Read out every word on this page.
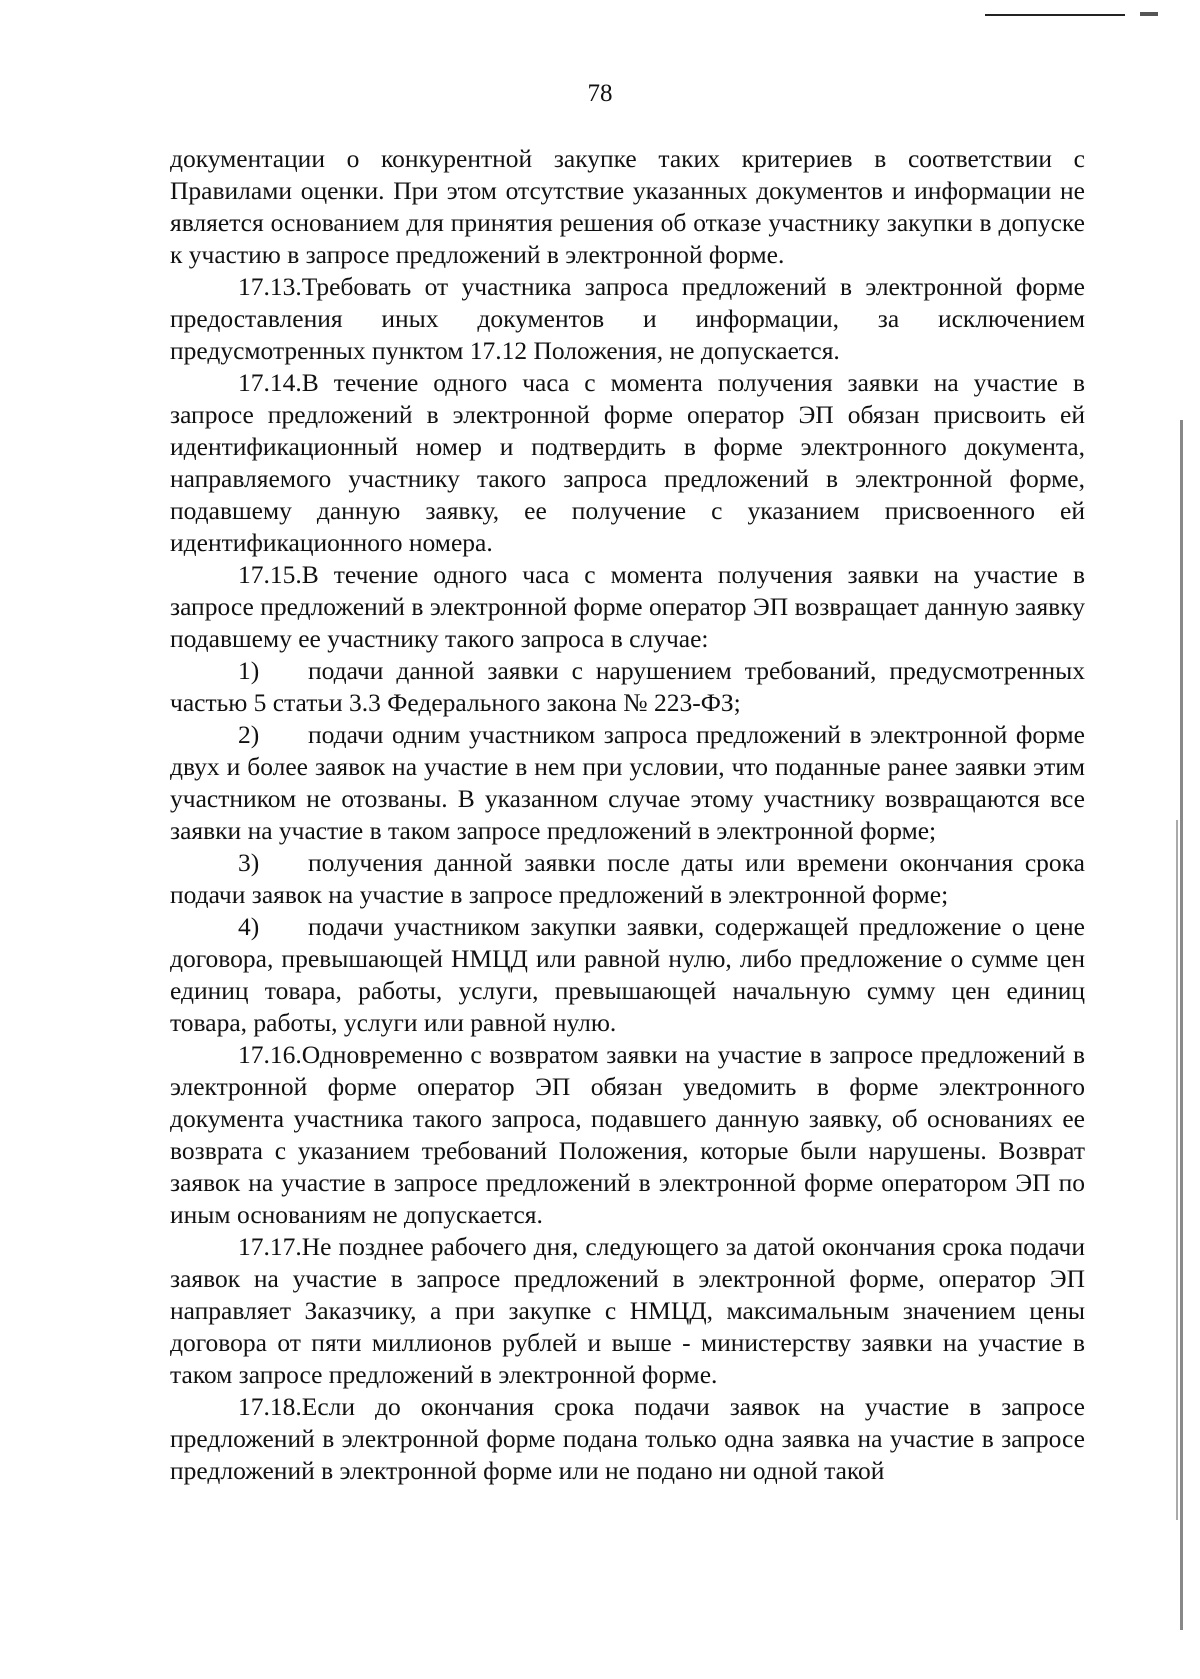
78

документации о конкурентной закупке таких критериев в соответствии с Правилами оценки. При этом отсутствие указанных документов и информации не является основанием для принятия решения об отказе участнику закупки в допуске к участию в запросе предложений в электронной форме.

17.13.Требовать от участника запроса предложений в электронной форме предоставления иных документов и информации, за исключением предусмотренных пунктом 17.12 Положения, не допускается.

17.14.В течение одного часа с момента получения заявки на участие в запросе предложений в электронной форме оператор ЭП обязан присвоить ей идентификационный номер и подтвердить в форме электронного документа, направляемого участнику такого запроса предложений в электронной форме, подавшему данную заявку, ее получение с указанием присвоенного ей идентификационного номера.

17.15.В течение одного часа с момента получения заявки на участие в запросе предложений в электронной форме оператор ЭП возвращает данную заявку подавшему ее участнику такого запроса в случае:

1) подачи данной заявки с нарушением требований, предусмотренных частью 5 статьи 3.3 Федерального закона № 223-ФЗ;

2) подачи одним участником запроса предложений в электронной форме двух и более заявок на участие в нем при условии, что поданные ранее заявки этим участником не отозваны. В указанном случае этому участнику возвращаются все заявки на участие в таком запросе предложений в электронной форме;

3) получения данной заявки после даты или времени окончания срока подачи заявок на участие в запросе предложений в электронной форме;

4) подачи участником закупки заявки, содержащей предложение о цене договора, превышающей НМЦД или равной нулю, либо предложение о сумме цен единиц товара, работы, услуги, превышающей начальную сумму цен единиц товара, работы, услуги или равной нулю.

17.16.Одновременно с возвратом заявки на участие в запросе предложений в электронной форме оператор ЭП обязан уведомить в форме электронного документа участника такого запроса, подавшего данную заявку, об основаниях ее возврата с указанием требований Положения, которые были нарушены. Возврат заявок на участие в запросе предложений в электронной форме оператором ЭП по иным основаниям не допускается.

17.17.Не позднее рабочего дня, следующего за датой окончания срока подачи заявок на участие в запросе предложений в электронной форме, оператор ЭП направляет Заказчику, а при закупке с НМЦД, максимальным значением цены договора от пяти миллионов рублей и выше - министерству заявки на участие в таком запросе предложений в электронной форме.

17.18.Если до окончания срока подачи заявок на участие в запросе предложений в электронной форме подана только одна заявка на участие в запросе предложений в электронной форме или не подано ни одной такой
